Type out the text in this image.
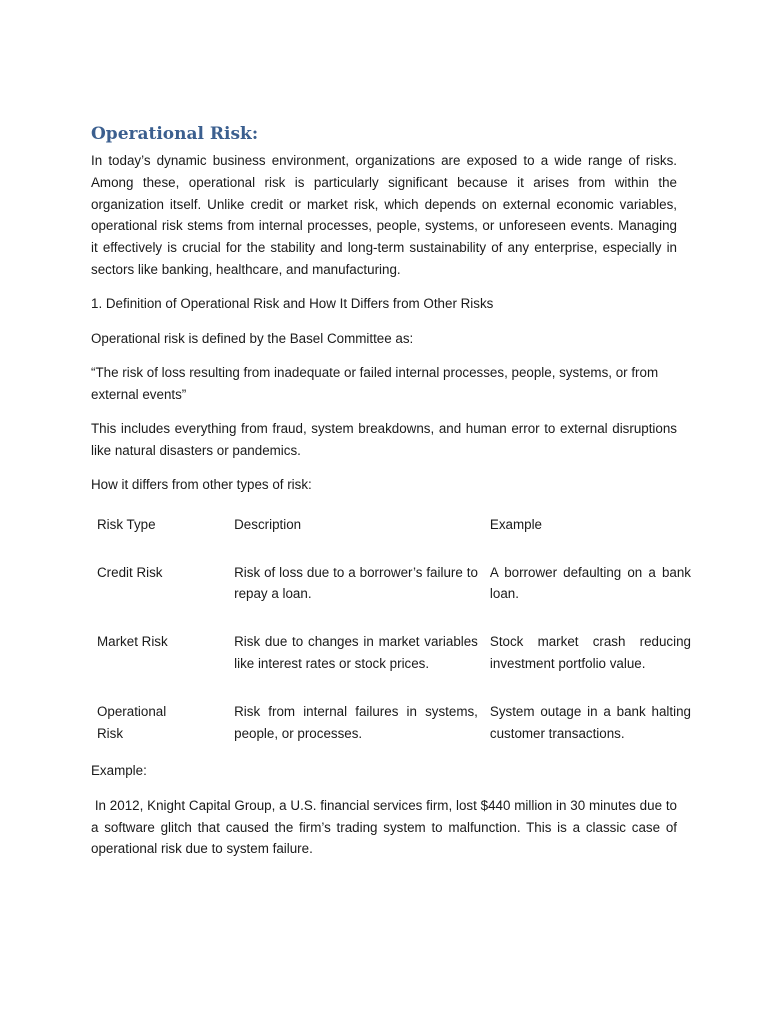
Operational Risk:

In today’s dynamic business environment, organizations are exposed to a wide range of risks. Among these, operational risk is particularly significant because it arises from within the organization itself. Unlike credit or market risk, which depends on external economic variables, operational risk stems from internal processes, people, systems, or unforeseen events. Managing it effectively is crucial for the stability and long-term sustainability of any enterprise, especially in sectors like banking, healthcare, and manufacturing.

1. Definition of Operational Risk and How It Differs from Other Risks

Operational risk is defined by the Basel Committee as:

“The risk of loss resulting from inadequate or failed internal processes, people, systems, or from external events”

This includes everything from fraud, system breakdowns, and human error to external disruptions like natural disasters or pandemics.

How it differs from other types of risk:

Risk Type	Description	Example
Credit Risk	Risk of loss due to a borrower’s failure to repay a loan.	A borrower defaulting on a bank loan.
Market Risk	Risk due to changes in market variables like interest rates or stock prices.	Stock market crash reducing investment portfolio value.
Operational Risk	Risk from internal failures in systems, people, or processes.	System outage in a bank halting customer transactions.

Example:

In 2012, Knight Capital Group, a U.S. financial services firm, lost $440 million in 30 minutes due to a software glitch that caused the firm’s trading system to malfunction. This is a classic case of operational risk due to system failure.
